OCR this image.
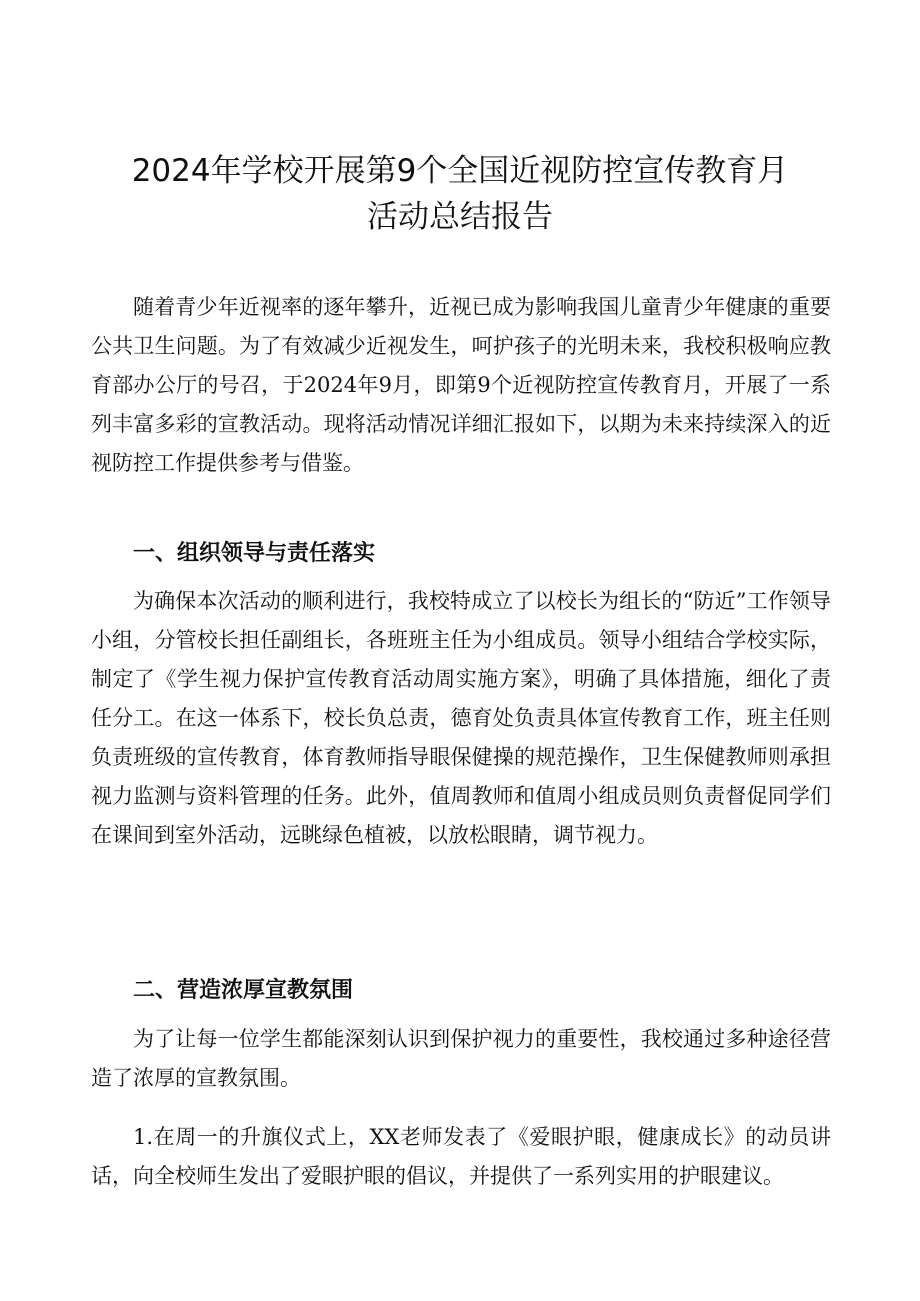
2024年学校开展第9个全国近视防控宣传教育月
活动总结报告

随着青少年近视率的逐年攀升，近视已成为影响我国儿童青少年健康的重要公共卫生问题。为了有效减少近视发生，呵护孩子的光明未来，我校积极响应教育部办公厅的号召，于2024年9月，即第9个近视防控宣传教育月，开展了一系列丰富多彩的宣教活动。现将活动情况详细汇报如下，以期为未来持续深入的近视防控工作提供参考与借鉴。

一、组织领导与责任落实

为确保本次活动的顺利进行，我校特成立了以校长为组长的“防近”工作领导小组，分管校长担任副组长，各班班主任为小组成员。领导小组结合学校实际，制定了《学生视力保护宣传教育活动周实施方案》，明确了具体措施，细化了责任分工。在这一体系下，校长负总责，德育处负责具体宣传教育工作，班主任则负责班级的宣传教育，体育教师指导眼保健操的规范操作，卫生保健教师则承担视力监测与资料管理的任务。此外，值周教师和值周小组成员则负责督促同学们在课间到室外活动，远眺绿色植被，以放松眼睛，调节视力。

二、营造浓厚宣教氛围

为了让每一位学生都能深刻认识到保护视力的重要性，我校通过多种途径营造了浓厚的宣教氛围。

1.在周一的升旗仪式上，XX老师发表了《爱眼护眼，健康成长》的动员讲话，向全校师生发出了爱眼护眼的倡议，并提供了一系列实用的护眼建议。
